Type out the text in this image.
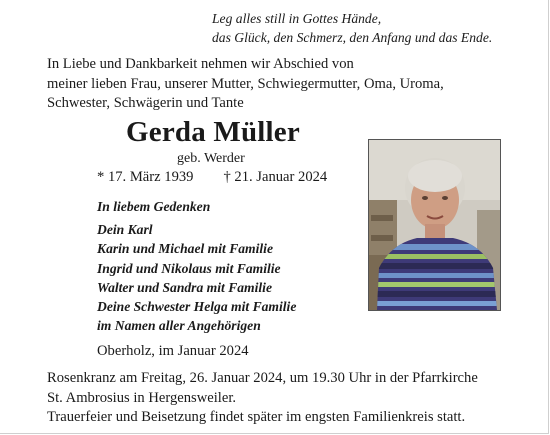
Leg alles still in Gottes Hände,
das Glück, den Schmerz, den Anfang und das Ende.
In Liebe und Dankbarkeit nehmen wir Abschied von
meiner lieben Frau, unserer Mutter, Schwiegermutter, Oma, Uroma,
Schwester, Schwägerin und Tante
Gerda Müller
geb. Werder
* 17. März 1939 † 21. Januar 2024
In liebem Gedenken
Dein Karl
Karin und Michael mit Familie
Ingrid und Nikolaus mit Familie
Walter und Sandra mit Familie
Deine Schwester Helga mit Familie
im Namen aller Angehörigen
Oberholz, im Januar 2024
Rosenkranz am Freitag, 26. Januar 2024, um 19.30 Uhr in der Pfarrkirche
St. Ambrosius in Hergensweiler.
Trauerfeier und Beisetzung findet später im engsten Familienkreis statt.
